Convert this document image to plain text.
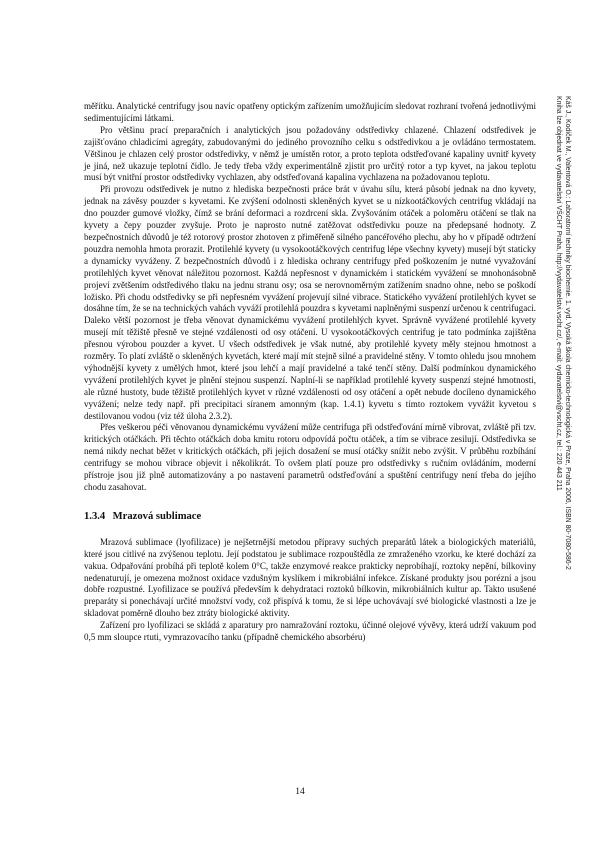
měřítku. Analytické centrifugy jsou navíc opatřeny optickým zařízením umožňujícím sledovat rozhraní tvořená jednotlivými sedimentujícími látkami.

Pro většinu prací preparačních i analytických jsou požadovány odstředivky chlazené. Chlazení odstředivek je zajišťováno chladicími agregáty, zabudovanými do jediného provozního celku s odstředivkou a je ovládáno termostatem. Většinou je chlazen celý prostor odstředivky, v němž je umístěn rotor, a proto teplota odstřeďované kapaliny uvnitř kyvety je jiná, než ukazuje teplotní čidlo. Je tedy třeba vždy experimentálně zjistit pro určitý rotor a typ kyvet, na jakou teplotu musí být vnitřní prostor odstředivky vychlazen, aby odstřeďovaná kapalina vychlazena na požadovanou teplotu.

Při provozu odstředivek je nutno z hlediska bezpečnosti práce brát v úvahu sílu, která působí jednak na dno kyvety, jednak na závěsy pouzder s kyvetami. Ke zvýšení odolnosti skleněných kyvet se u nízkootáčkových centrifug vkládají na dno pouzder gumové vložky, čímž se brání deformaci a rozdrcení skla. Zvyšováním otáček a poloměru otáčení se tlak na kyvety a čepy pouzder zvyšuje. Proto je naprosto nutné zatěžovat odstředivku pouze na předepsané hodnoty. Z bezpečnostních důvodů je též rotorový prostor zhotoven z přiměřeně silného pancéřového plechu, aby ho v případě odtržení pouzdra nemohla hmota prorazit. Protilehlé kyvety (u vysokootáčkových centrifug lépe všechny kyvety) musejí být staticky a dynamicky vyváženy. Z bezpečnostních důvodů i z hlediska ochrany centrifugy před poškozením je nutné vyvažování protilehlých kyvet věnovat náležitou pozornost. Každá nepřesnost v dynamickém i statickém vyvážení se mnohonásobně projeví zvětšením odstředivého tlaku na jednu stranu osy; osa se nerovnoměrným zatížením snadno ohne, nebo se poškodí ložisko. Při chodu odstředivky se při nepřesném vyvážení projevují silné vibrace. Statického vyvážení protilehlých kyvet se dosáhne tím, že se na technických vahách vyváží protilehlá pouzdra s kyvetami naplněnými suspenzí určenou k centrifugaci. Daleko větší pozornost je třeba věnovat dynamickému vyvážení protilehlých kyvet. Správně vyvážené protilehlé kyvety musejí mít těžiště přesně ve stejné vzdálenosti od osy otáčení. U vysokootáčkových centrifug je tato podmínka zajištěna přesnou výrobou pouzder a kyvet. U všech odstředivek je však nutné, aby protilehlé kyvety měly stejnou hmotnost a rozměry. To platí zvláště o skleněných kyvetách, které mají mít stejně silné a pravidelné stěny. V tomto ohledu jsou mnohem výhodnější kyvety z umělých hmot, které jsou lehčí a mají pravidelné a také tenčí stěny. Další podmínkou dynamického vyvážení protilehlých kyvet je plnění stejnou suspenzí. Naplní-li se například protilehlé kyvety suspenzí stejné hmotnosti, ale různé hustoty, bude těžiště protilehlých kyvet v různé vzdálenosti od osy otáčení a opět nebude docíleno dynamického vyvážení; nelze tedy např. při precipitaci síranem amonným (kap. 1.4.1) kyvetu s tímto roztokem vyvážit kyvetou s destilovanou vodou (viz též úloha 2.3.2).

Přes veškerou péči věnovanou dynamickému vyvážení může centrifuga při odstřeďování mírně vibrovat, zvláště při tzv. kritických otáčkách. Při těchto otáčkách doba kmitu rotoru odpovídá počtu otáček, a tím se vibrace zesilují. Odstředivka se nemá nikdy nechat běžet v kritických otáčkách, při jejich dosažení se musí otáčky snížit nebo zvýšit. V průběhu rozbíhání centrifugy se mohou vibrace objevit i několikrát. To ovšem platí pouze pro odstředivky s ručním ovládáním, moderní přístroje jsou již plně automatizovány a po nastavení parametrů odstřeďování a spuštění centrifugy není třeba do jejího chodu zasahovat.

1.3.4 Mrazová sublimace

Mrazová sublimace (lyofilizace) je nejšetrnější metodou přípravy suchých preparátů látek a biologických materiálů, které jsou citlivé na zvýšenou teplotu. Její podstatou je sublimace rozpouštědla ze zmraženého vzorku, ke které dochází za vakua. Odpařování probíhá při teplotě kolem 0°C, takže enzymové reakce prakticky neprobíhají, roztoky nepění, bílkoviny nedenaturují, je omezena možnost oxidace vzdušným kyslíkem i mikrobiální infekce. Získané produkty jsou porézní a jsou dobře rozpustné. Lyofilizace se používá především k dehydrataci roztoků bílkovin, mikrobiálních kultur ap. Takto usušené preparáty si ponechávají určité množství vody, což přispívá k tomu, že si lépe uchovávají své biologické vlastnosti a lze je skladovat poměrně dlouho bez ztráty biologické aktivity.

Zařízení pro lyofilizaci se skládá z aparatury pro namražování roztoku, účinné olejové vývěvy, která udrží vakuum pod 0,5 mm sloupce rtuti, vymrazovacího tanku (případně chemického absorbéru)

14
Káš J., Kodíček M., Valentová O.: Laboratorní techniky biochemie. 1. vyd. Vysoká škola chemicko-technologická v Praze, Praha 2006, ISBN 80-7080-586-2
Kniha lze objednat ve vydavatelství VŠCHT Praha, http://vydavatelstvi.vscht.cz/, e-mail: vydavatelstvi@vscht.cz, tel.: 220 443 211
